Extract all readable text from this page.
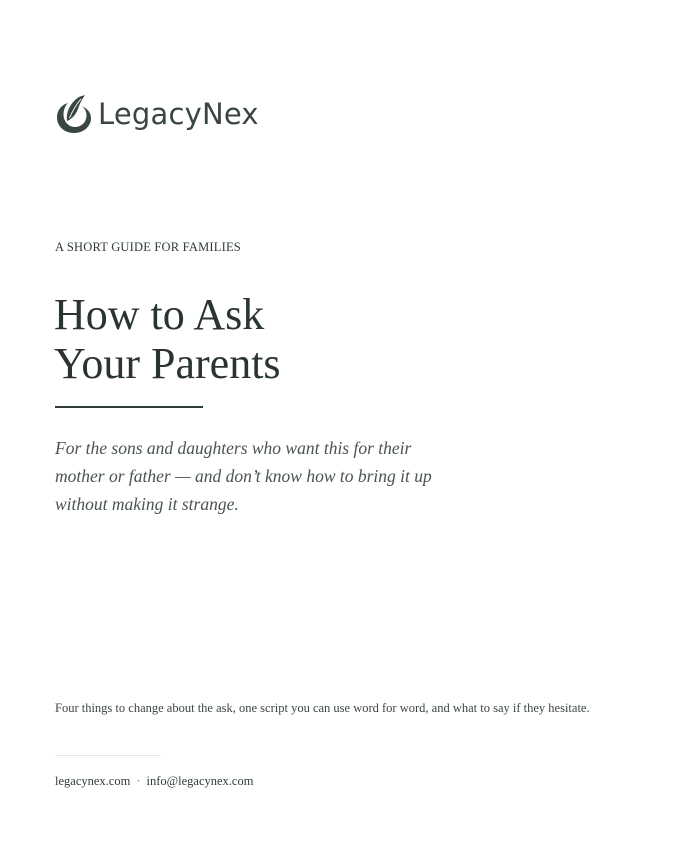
LegacyNex
A SHORT GUIDE FOR FAMILIES
How to Ask
Your Parents
For the sons and daughters who want this for their
mother or father — and don’t know how to bring it up
without making it strange.
Four things to change about the ask, one script you can use word for word, and what to say if they hesitate.
legacynex.com · info@legacynex.com
